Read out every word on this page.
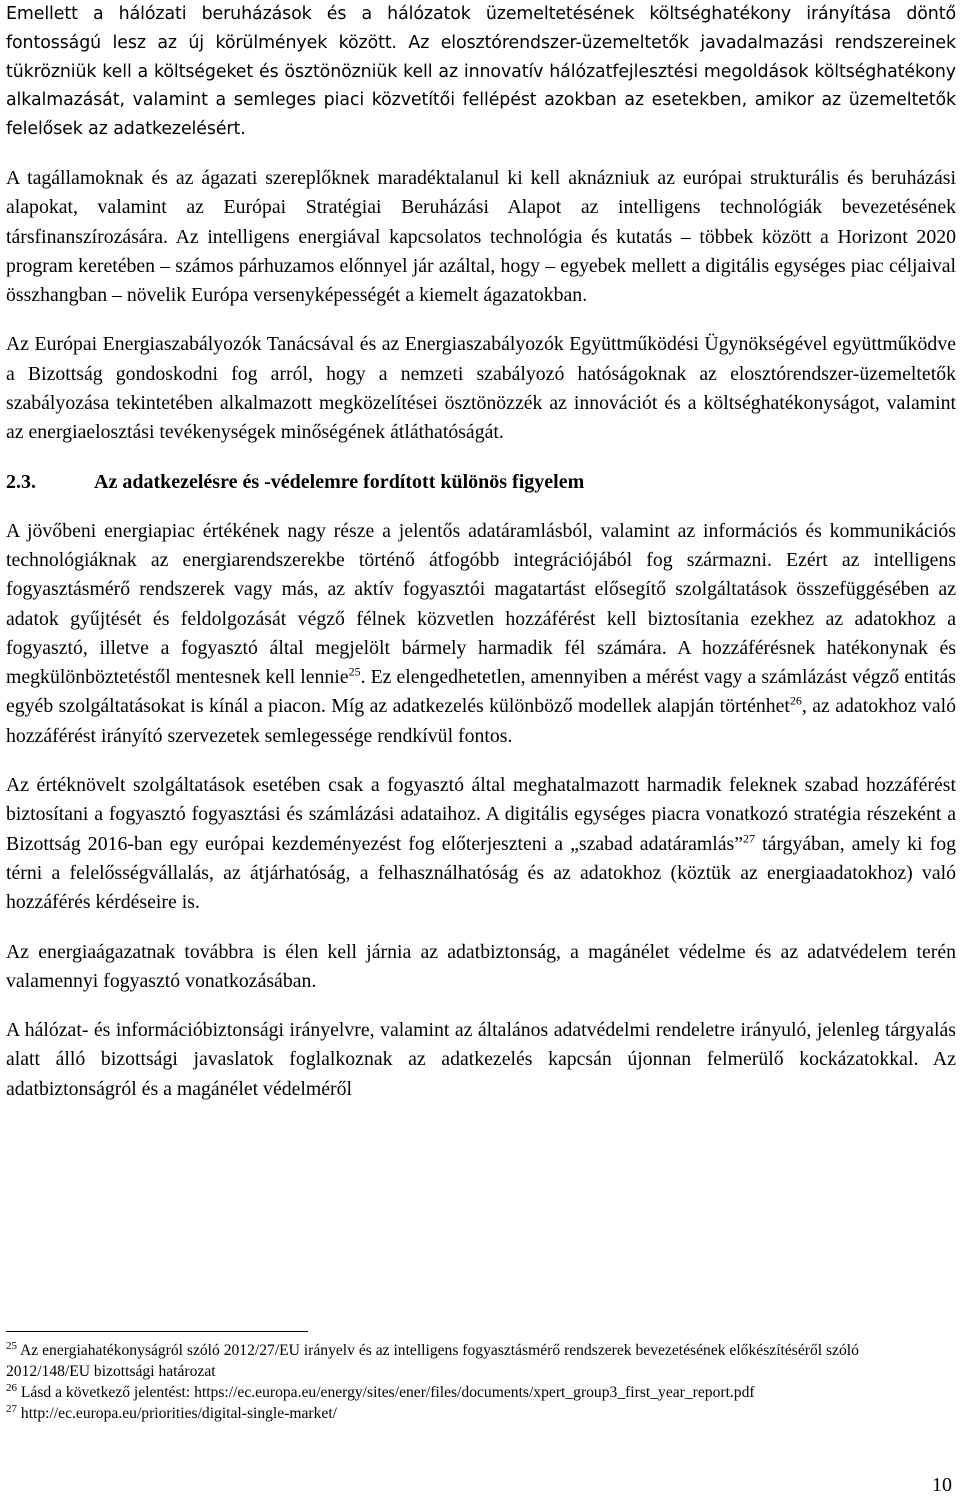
Emellett a hálózati beruházások és a hálózatok üzemeltetésének költséghatékony irányítása döntő fontosságú lesz az új körülmények között. Az elosztórendszer-üzemeltetők javadalmazási rendszereinek tükrözniük kell a költségeket és ösztönözniük kell az innovatív hálózatfejlesztési megoldások költséghatékony alkalmazását, valamint a semleges piaci közvetítői fellépést azokban az esetekben, amikor az üzemeltetők felelősek az adatkezelésért.

A tagállamoknak és az ágazati szereplőknek maradéktalanul ki kell aknázniuk az európai strukturális és beruházási alapokat, valamint az Európai Stratégiai Beruházási Alapot az intelligens technológiák bevezetésének társfinanszírozására. Az intelligens energiával kapcsolatos technológia és kutatás – többek között a Horizont 2020 program keretében – számos párhuzamos előnnyel jár azáltal, hogy – egyebek mellett a digitális egységes piac céljaival összhangban – növelik Európa versenyképességét a kiemelt ágazatokban.

Az Európai Energiaszabályozók Tanácsával és az Energiaszabályozók Együttműködési Ügynökségével együttműködve a Bizottság gondoskodni fog arról, hogy a nemzeti szabályozó hatóságoknak az elosztórendszer-üzemeltetők szabályozása tekintetében alkalmazott megközelítései ösztönözzék az innovációt és a költséghatékonyságot, valamint az energiaelosztási tevékenységek minőségének átláthatóságát.

2.3.	Az adatkezelésre és -védelemre fordított különös figyelem

A jövőbeni energiapiac értékének nagy része a jelentős adatáramlásból, valamint az információs és kommunikációs technológiáknak az energiarendszerekbe történő átfogóbb integrációjából fog származni. Ezért az intelligens fogyasztásmérő rendszerek vagy más, az aktív fogyasztói magatartást elősegítő szolgáltatások összefüggésében az adatok gyűjtését és feldolgozását végző félnek közvetlen hozzáférést kell biztosítania ezekhez az adatokhoz a fogyasztó, illetve a fogyasztó által megjelölt bármely harmadik fél számára. A hozzáférésnek hatékonynak és megkülönböztetéstől mentesnek kell lennie$^{25}$. Ez elengedhetetlen, amennyiben a mérést vagy a számlázást végző entitás egyéb szolgáltatásokat is kínál a piacon. Míg az adatkezelés különböző modellek alapján történhet$^{26}$, az adatokhoz való hozzáférést irányító szervezetek semlegessége rendkívül fontos.

Az értéknövelt szolgáltatások esetében csak a fogyasztó által meghatalmazott harmadik feleknek szabad hozzáférést biztosítani a fogyasztó fogyasztási és számlázási adataihoz. A digitális egységes piacra vonatkozó stratégia részeként a Bizottság 2016-ban egy európai kezdeményezést fog előterjeszteni a „szabad adatáramlás”$^{27}$ tárgyában, amely ki fog térni a felelősségvállalás, az átjárhatóság, a felhasználhatóság és az adatokhoz (köztük az energiaadatokhoz) való hozzáférés kérdéseire is.

Az energiaágazatnak továbbra is élen kell járnia az adatbiztonság, a magánélet védelme és az adatvédelem terén valamennyi fogyasztó vonatkozásában.

A hálózat- és információbiztonsági irányelvre, valamint az általános adatvédelmi rendeletre irányuló, jelenleg tárgyalás alatt álló bizottsági javaslatok foglalkoznak az adatkezelés kapcsán újonnan felmerülő kockázatokkal. Az adatbiztonságról és a magánélet védelméről

$^{25}$ Az energiahatékonyságról szóló 2012/27/EU irányelv és az intelligens fogyasztásmérő rendszerek bevezetésének előkészítéséről szóló 2012/148/EU bizottsági határozat

$^{26}$ Lásd a következő jelentést: https://ec.europa.eu/energy/sites/ener/files/documents/xpert_group3_first_year_report.pdf

$^{27}$ http://ec.europa.eu/priorities/digital-single-market/

10
